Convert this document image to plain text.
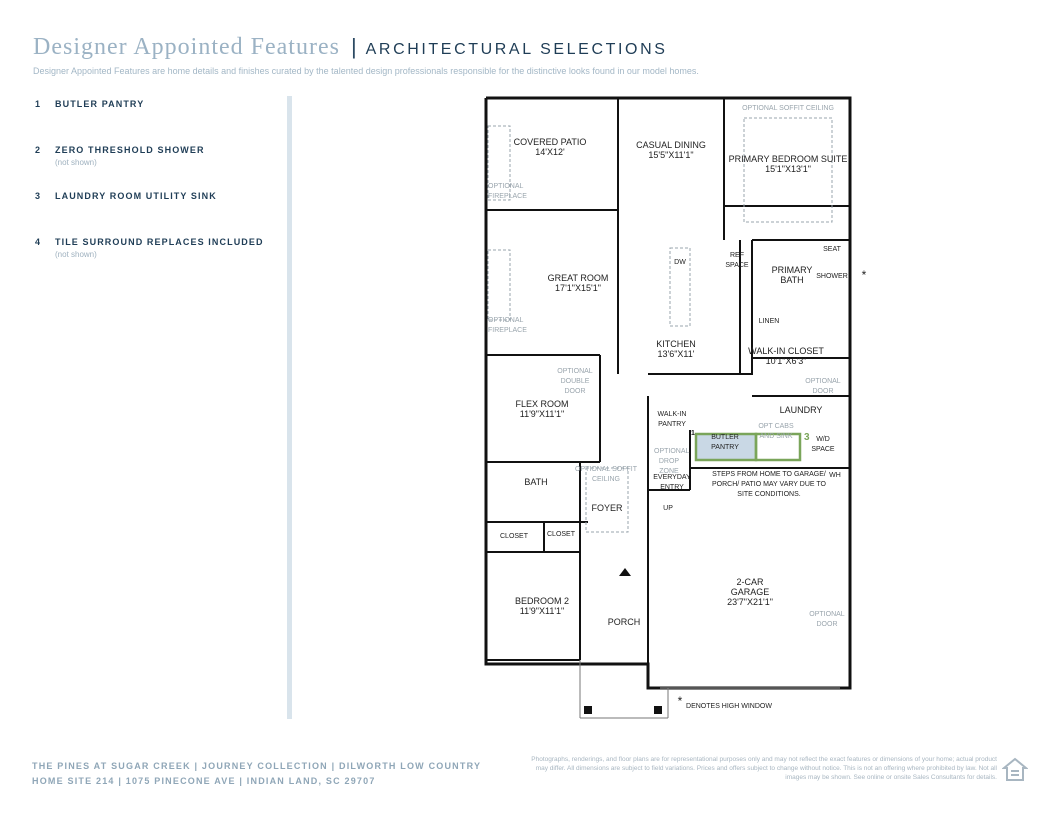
Designer Appointed Features | ARCHITECTURAL SELECTIONS
Designer Appointed Features are home details and finishes curated by the talented design professionals responsible for the distinctive looks found in our model homes.
1 BUTLER PANTRY
2 ZERO THRESHOLD SHOWER
(not shown)
3 LAUNDRY ROOM UTILITY SINK
4 TILE SURROUND REPLACES INCLUDED
(not shown)
COVERED PATIO
14'X12'
CASUAL DINING
15'5"X11'1"	PRIMARY BEDROOM SUITE
15'1"X13'1"
OPTIONAL SOFFIT CEILING
GREAT ROOM
17'1"X15'1"
OPTIONAL FIREPLACE
OPTIONAL FIREPLACE
KITCHEN
13'6"X11'
DW
REF SPACE	PRIMARY BATH
SEAT
SHOWER *
LINEN
WALK-IN CLOSET
10'1"X6'3"
OPTIONAL DOOR
LAUNDRY
OPT CABS AND SINK	W/D SPACE
3
1
BUTLER PANTRY
WALK-IN PANTRY
OPTIONAL DROP ZONE
EVERYDAY ENTRY
UP
STEPS FROM HOME TO GARAGE/ PORCH/ PATIO MAY VARY DUE TO SITE CONDITIONS.
WH
FLEX ROOM
11'9"X11'1"
OPTIONAL DOUBLE DOOR
OPTIONAL SOFFIT CEILING
BATH
FOYER
CLOSET	CLOSET
BEDROOM 2
11'9"X11'1"
PORCH
2-CAR GARAGE
23'7"X21'1"
OPTIONAL DOOR
* DENOTES HIGH WINDOW
THE PINES AT SUGAR CREEK | JOURNEY COLLECTION | DILWORTH LOW COUNTRY
HOME SITE 214 | 1075 PINECONE AVE | INDIAN LAND, SC 29707
Photographs, renderings, and floor plans are for representational purposes only and may not reflect the exact features or dimensions of your home; actual product may differ. All dimensions are subject to field variations. Prices and offers subject to change without notice. This is not an offering where prohibited by law. Not all images may be shown. See online or onsite Sales Consultants for details.
